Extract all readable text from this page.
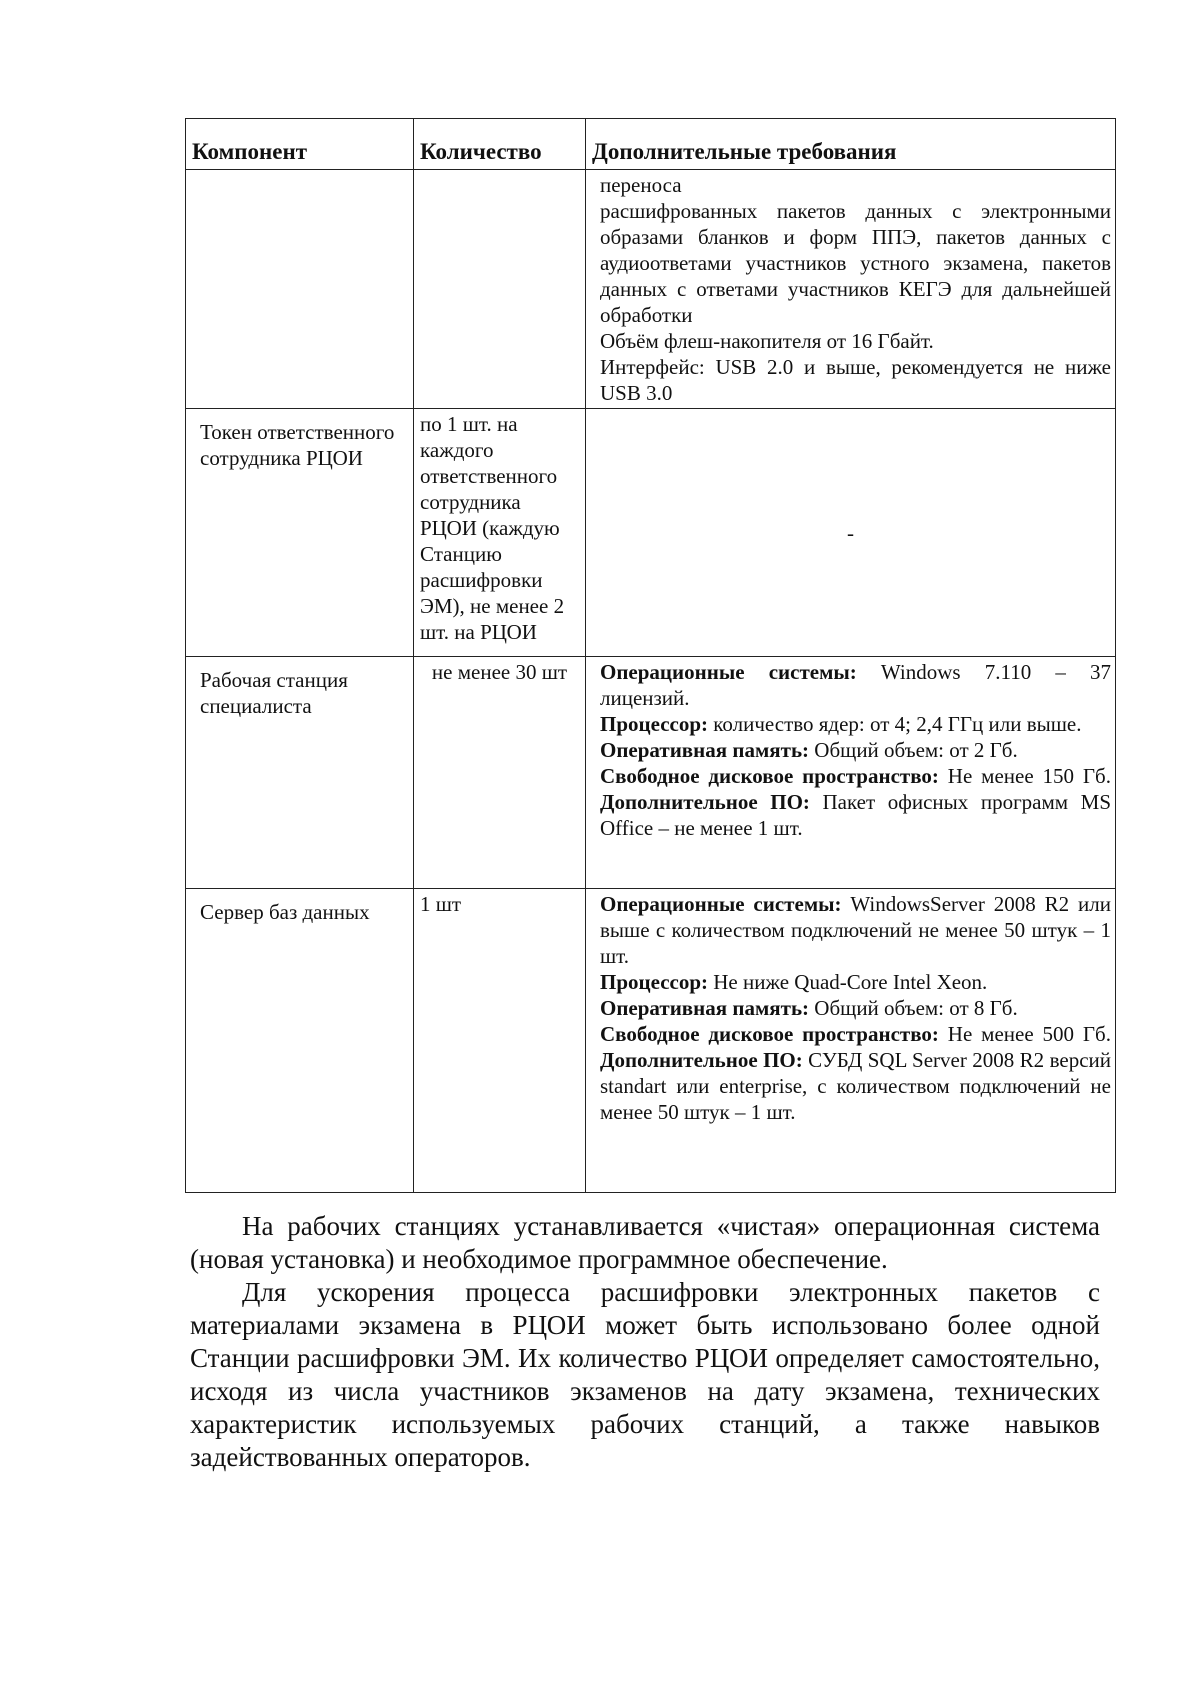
Компонент	Количество	Дополнительные требования

		переноса

расшифрованных пакетов данных с электронными образами бланков и форм ППЭ, пакетов данных с аудиоответами участников устного экзамена, пакетов данных с ответами участников КЕГЭ для дальнейшей обработки

Объём флеш-накопителя от 16 Гбайт.

Интерфейс: USB 2.0 и выше, рекомендуется не ниже USB 3.0

Токен ответственного сотрудника РЦОИ	по 1 шт. на каждого ответственного сотрудника РЦОИ (каждую Станцию расшифровки ЭМ), не менее 2 шт. на РЦОИ	-
Рабочая станция специалиста	не менее 30 шт	Операционные системы: Windows 7.110 – 37 лицензий.

Процессор: количество ядер: от 4; 2,4 ГГц или выше.

Оперативная память: Общий объем: от 2 Гб.

Свободное дисковое пространство: Не менее 150 Гб. Дополнительное ПО: Пакет офисных программ MS Office – не менее 1 шт.

Сервер баз данных	1 шт	Операционные системы: WindowsServer 2008 R2 или выше с количеством подключений не менее 50 штук – 1 шт.

Процессор: Не ниже Quad-Core Intel Xeon.

Оперативная память: Общий объем: от 8 Гб.

Свободное дисковое пространство: Не менее 500 Гб. Дополнительное ПО: СУБД SQL Server 2008 R2 версий standart или enterprise, с количеством подключений не менее 50 штук – 1 шт.

На рабочих станциях устанавливается «чистая» операционная система (новая установка) и необходимое программное обеспечение.

Для ускорения процесса расшифровки электронных пакетов с материалами экзамена в РЦОИ может быть использовано более одной Станции расшифровки ЭМ. Их количество РЦОИ определяет самостоятельно, исходя из числа участников экзаменов на дату экзамена, технических характеристик используемых рабочих станций, а также навыков задействованных операторов.
